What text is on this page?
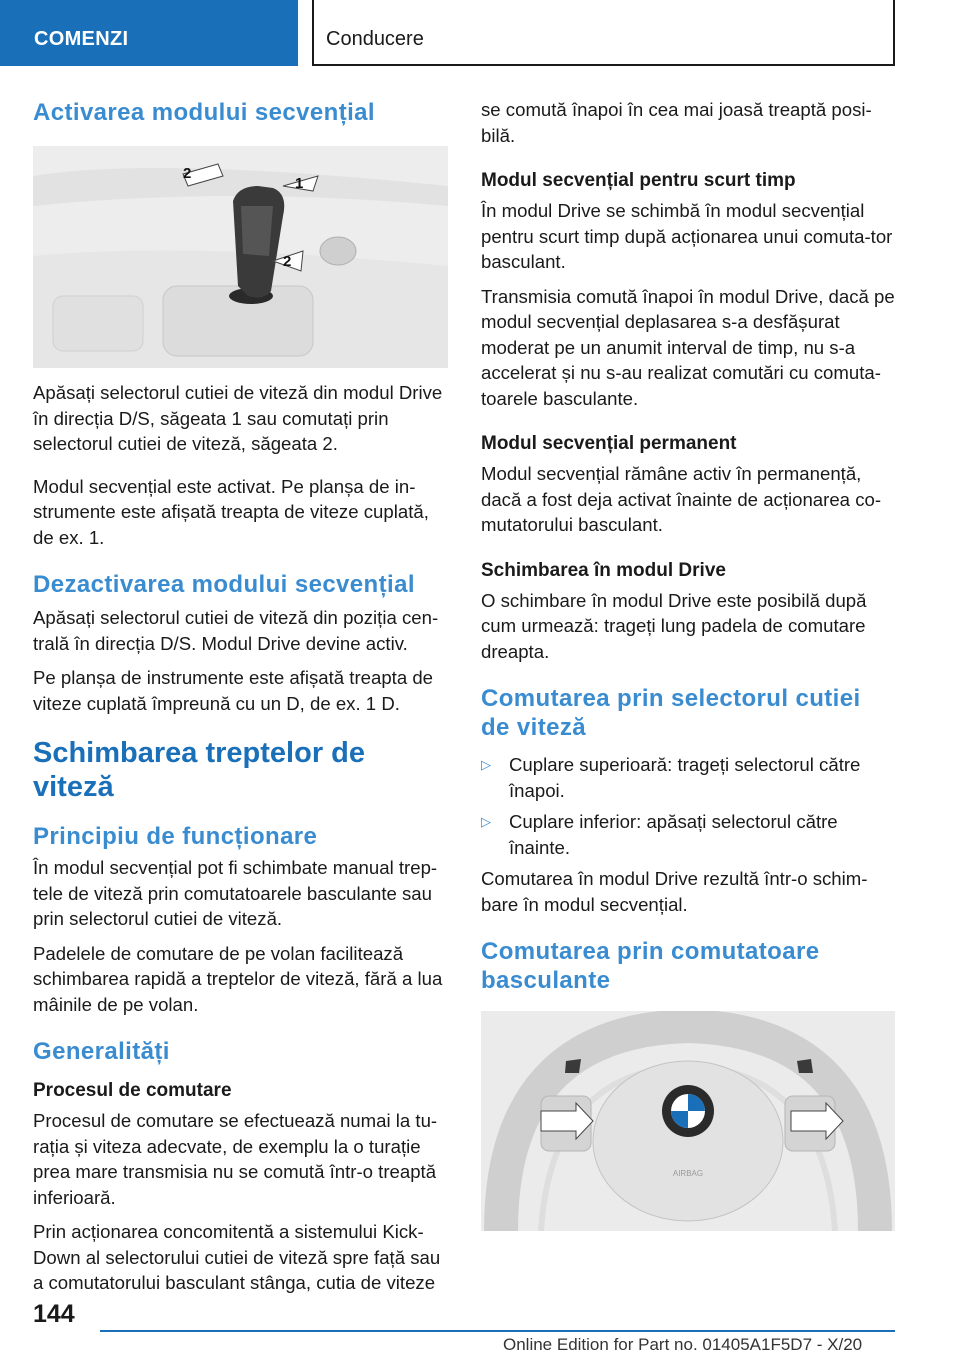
COMENZI	Conducere
Activarea modului secvențial
2
1
2
Apăsați selectorul cutiei de viteză din modul Drive în direcția D/S, săgeata 1 sau comutați prin selectorul cutiei de viteză, săgeata 2.
Modul secvențial este activat. Pe planșa de in-strumente este afișată treapta de viteze cuplată, de ex. 1.
Dezactivarea modului secvențial
Apăsați selectorul cutiei de viteză din poziția cen-trală în direcția D/S. Modul Drive devine activ.
Pe planșa de instrumente este afișată treapta de viteze cuplată împreună cu un D, de ex. 1 D.
Schimbarea treptelor de viteză
Principiu de funcționare
În modul secvențial pot fi schimbate manual trep-tele de viteză prin comutatoarele basculante sau prin selectorul cutiei de viteză.
Padelele de comutare de pe volan facilitează schimbarea rapidă a treptelor de viteză, fără a lua mâinile de pe volan.
Generalități
Procesul de comutare
Procesul de comutare se efectuează numai la tu-rația și viteza adecvate, de exemplu la o turație prea mare transmisia nu se comută într-o treaptă inferioară.
Prin acționarea concomitentă a sistemului Kick-Down al selectorului cutiei de viteză spre față sau a comutatorului basculant stânga, cutia de viteze
se comută înapoi în cea mai joasă treaptă posi-bilă.
Modul secvențial pentru scurt timp
În modul Drive se schimbă în modul secvențial pentru scurt timp după acționarea unui comuta-tor basculant.
Transmisia comută înapoi în modul Drive, dacă pe modul secvențial deplasarea s-a desfășurat moderat pe un anumit interval de timp, nu s-a accelerat și nu s-au realizat comutări cu comuta-toarele basculante.
Modul secvențial permanent
Modul secvențial rămâne activ în permanență, dacă a fost deja activat înainte de acționarea co-mutatorului basculant.
Schimbarea în modul Drive
O schimbare în modul Drive este posibilă după cum urmează: trageți lung padela de comutare dreapta.
Comutarea prin selectorul cutiei de viteză
▷ Cuplare superioară: trageți selectorul către înapoi.
▷ Cuplare inferior: apăsați selectorul către înainte.
Comutarea în modul Drive rezultă într-o schim-bare în modul secvențial.
Comutarea prin comutatoare basculante
AIRBAG
144
Online Edition for Part no. 01405A1F5D7 - X/20
